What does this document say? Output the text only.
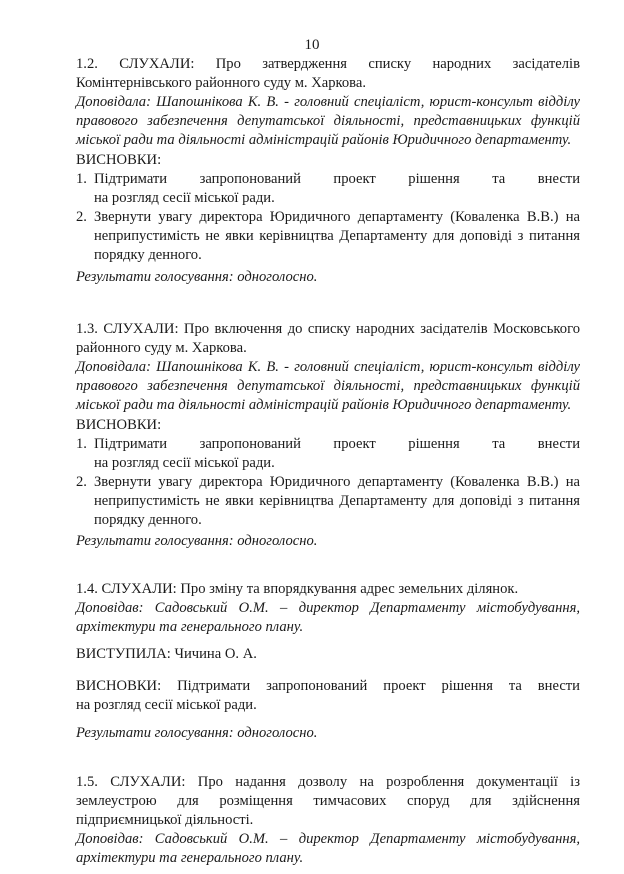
10
1.2. СЛУХАЛИ: Про затвердження списку народних засідателів
Комінтернівського районного суду м. Харкова.
Доповідала: Шапошнікова К. В. - головний спеціаліст, юрист-консульт відділу
правового забезпечення депутатської діяльності, представницьких функцій
міської ради та діяльності адміністрацій районів Юридичного департаменту.
ВИСНОВКИ:
1. Підтримати запропонований проект рішення та внести
на розгляд сесії міської ради.
2. Звернути увагу директора Юридичного департаменту (Коваленка В.В.) на
неприпустимість не явки керівництва Департаменту для доповіді з питання
порядку денного.
Результати голосування: одноголосно.
1.3. СЛУХАЛИ: Про включення до списку народних засідателів Московського
районного суду м. Харкова.
Доповідала: Шапошнікова К. В. - головний спеціаліст, юрист-консульт відділу
правового забезпечення депутатської діяльності, представницьких функцій
міської ради та діяльності адміністрацій районів Юридичного департаменту.
ВИСНОВКИ:
1. Підтримати запропонований проект рішення та внести
на розгляд сесії міської ради.
2. Звернути увагу директора Юридичного департаменту (Коваленка В.В.) на
неприпустимість не явки керівництва Департаменту для доповіді з питання
порядку денного.
Результати голосування: одноголосно.
1.4. СЛУХАЛИ: Про зміну та впорядкування адрес земельних ділянок.
Доповідав: Садовський О.М. – директор Департаменту містобудування,
архітектури та генерального плану.
ВИСТУПИЛА: Чичина О. А.
ВИСНОВКИ: Підтримати запропонований проект рішення та внести
на розгляд сесії міської ради.
Результати голосування: одноголосно.
1.5. СЛУХАЛИ: Про надання дозволу на розроблення документації із
землеустрою для розміщення тимчасових споруд для здійснення
підприємницької діяльності.
Доповідав: Садовський О.М. – директор Департаменту містобудування,
архітектури та генерального плану.
